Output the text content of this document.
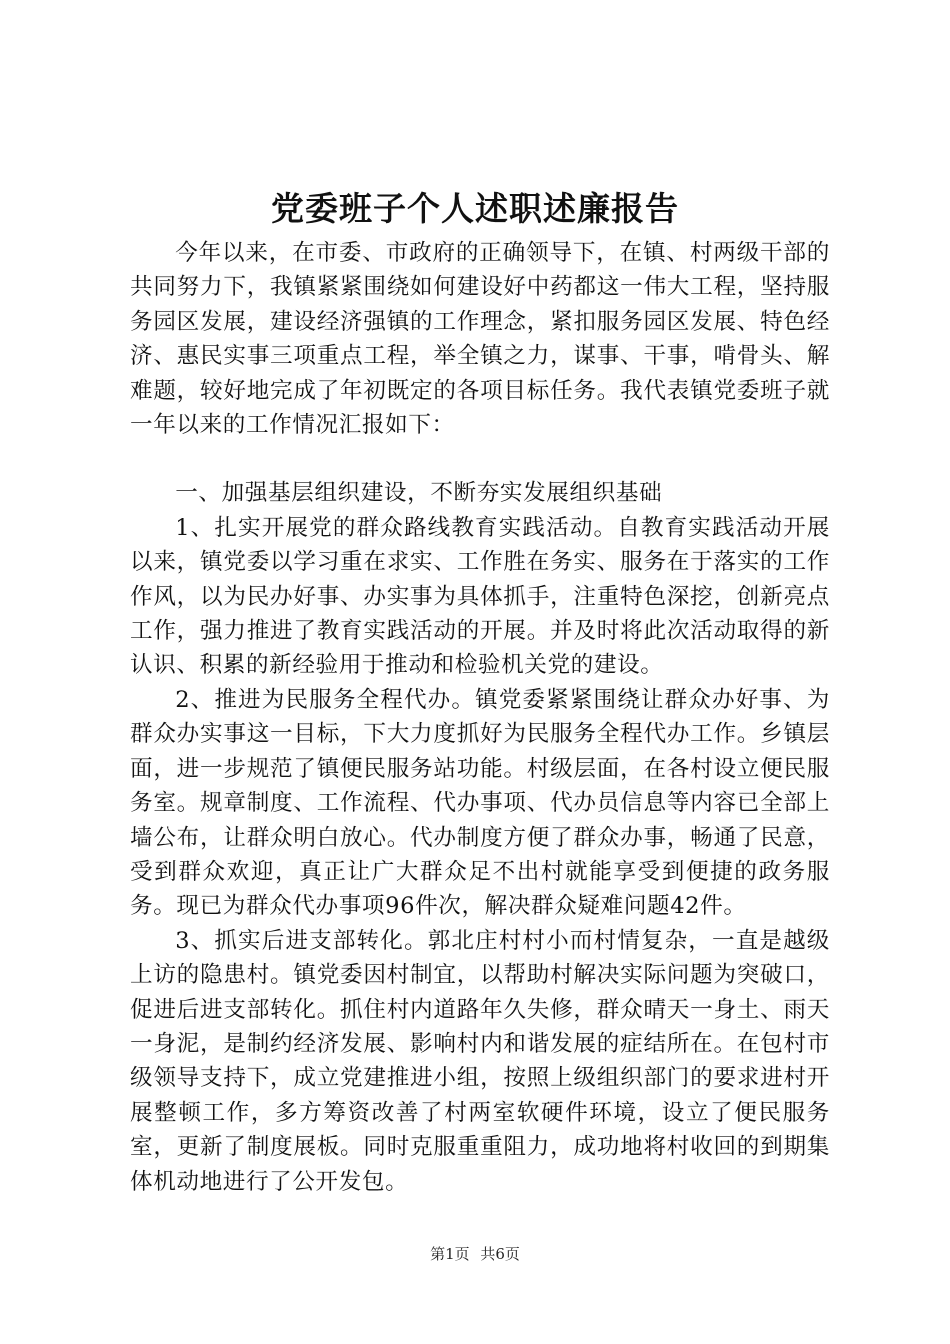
党委班子个人述职述廉报告

今年以来，在市委、市政府的正确领导下，在镇、村两级干部的共同努力下，我镇紧紧围绕如何建设好中药都这一伟大工程，坚持服务园区发展，建设经济强镇的工作理念，紧扣服务园区发展、特色经济、惠民实事三项重点工程，举全镇之力，谋事、干事，啃骨头、解难题，较好地完成了年初既定的各项目标任务。我代表镇党委班子就一年以来的工作情况汇报如下：

一、加强基层组织建设，不断夯实发展组织基础

1、扎实开展党的群众路线教育实践活动。自教育实践活动开展以来，镇党委以学习重在求实、工作胜在务实、服务在于落实的工作作风，以为民办好事、办实事为具体抓手，注重特色深挖，创新亮点工作，强力推进了教育实践活动的开展。并及时将此次活动取得的新认识、积累的新经验用于推动和检验机关党的建设。

2、推进为民服务全程代办。镇党委紧紧围绕让群众办好事、为群众办实事这一目标，下大力度抓好为民服务全程代办工作。乡镇层面，进一步规范了镇便民服务站功能。村级层面，在各村设立便民服务室。规章制度、工作流程、代办事项、代办员信息等内容已全部上墙公布，让群众明白放心。代办制度方便了群众办事，畅通了民意，受到群众欢迎，真正让广大群众足不出村就能享受到便捷的政务服务。现已为群众代办事项96件次，解决群众疑难问题42件。

3、抓实后进支部转化。郭北庄村村小而村情复杂，一直是越级上访的隐患村。镇党委因村制宜，以帮助村解决实际问题为突破口，促进后进支部转化。抓住村内道路年久失修，群众晴天一身土、雨天一身泥，是制约经济发展、影响村内和谐发展的症结所在。在包村市级领导支持下，成立党建推进小组，按照上级组织部门的要求进村开展整顿工作，多方筹资改善了村两室软硬件环境，设立了便民服务室，更新了制度展板。同时克服重重阻力，成功地将村收回的到期集体机动地进行了公开发包。

第1页 共6页
